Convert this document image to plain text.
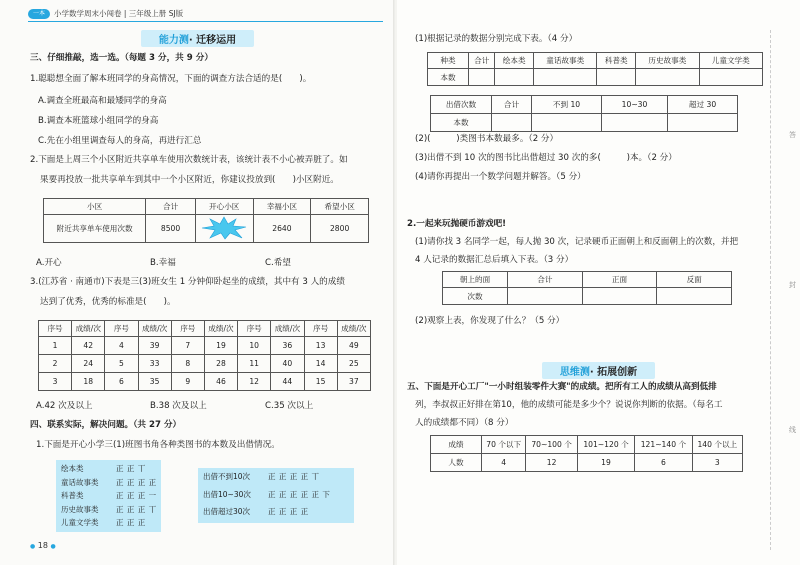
一本	小学数学周末小闯卷 | 三年级上册 SJ版
能力测· 迁移运用
三、仔细推敲，选一选。（每题 3 分，共 9 分）
1.聪聪想全面了解本班同学的身高情况，下面的调查方法合适的是(　　)。
A.调查全班最高和最矮同学的身高
B.调查本班篮球小组同学的身高
C.先在小组里调查每人的身高，再进行汇总
2.下面是上周三个小区附近共享单车使用次数统计表，该统计表不小心被弄脏了。如
果要再投放一批共享单车到其中一个小区附近，你建议投放到(　　)小区附近。
小区	合计	开心小区	幸福小区	希望小区
附近共享单车使用次数	8500		2640	2800
A.开心	B.幸福	C.希望
3.(江苏省 · 南通市)下表是三(3)班女生 1 分钟仰卧起坐的成绩，其中有 3 人的成绩
达到了优秀，优秀的标准是(　　)。
序号	成绩/次	序号	成绩/次	序号	成绩/次	序号	成绩/次	序号	成绩/次
1	42	4	39	7	19	10	36	13	49
2	24	5	33	8	28	11	40	14	25
3	18	6	35	9	46	12	44	15	37
A.42 次及以上	B.38 次及以上	C.35 次以上
四、联系实际，解决问题。（共 27 分）
1.下面是开心小学三(1)班图书角各种类图书的本数及出借情况。
绘本类	正 正 丅
童话故事类 正 正 正 正
科普类	正 正 正 一
历史故事类 正 正 正 丅
儿童文学类 正 正 正
出借不到10次 正 正 正 正 丅
出借10~30次 正 正 正 正 正 下
出借超过30次 正 正 正 正
● 18 ●
(1)根据记录的数据分别完成下表。（4 分）
种类	合计	绘本类	童话故事类	科普类	历史故事类	儿童文学类
本数						
出借次数	合计	不到 10	10~30	超过 30
本数				
(2)(　　　)类图书本数最多。（2 分）
(3)出借不到 10 次的图书比出借超过 30 次的多(　　　)本。（2 分）
(4)请你再提出一个数学问题并解答。（5 分）
2.一起来玩抛硬币游戏吧!
(1)请你找 3 名同学一起，每人抛 30 次，记录硬币正面朝上和反面朝上的次数，并把
4 人记录的数据汇总后填入下表。（3 分）
朝上的面	合计	正面	反面
次数			
(2)观察上表，你发现了什么？（5 分）
思维测· 拓展创新
五、下面是开心工厂"一小时组装零件大赛"的成绩。把所有工人的成绩从高到低排
列，李叔叔正好排在第10，他的成绩可能是多少个？说说你判断的依据。（每名工
人的成绩都不同）（8 分）
成绩	70 个以下	70~100 个	101~120 个	121~140 个	140 个以上
人数	4	12	19	6	3
答
封
线
